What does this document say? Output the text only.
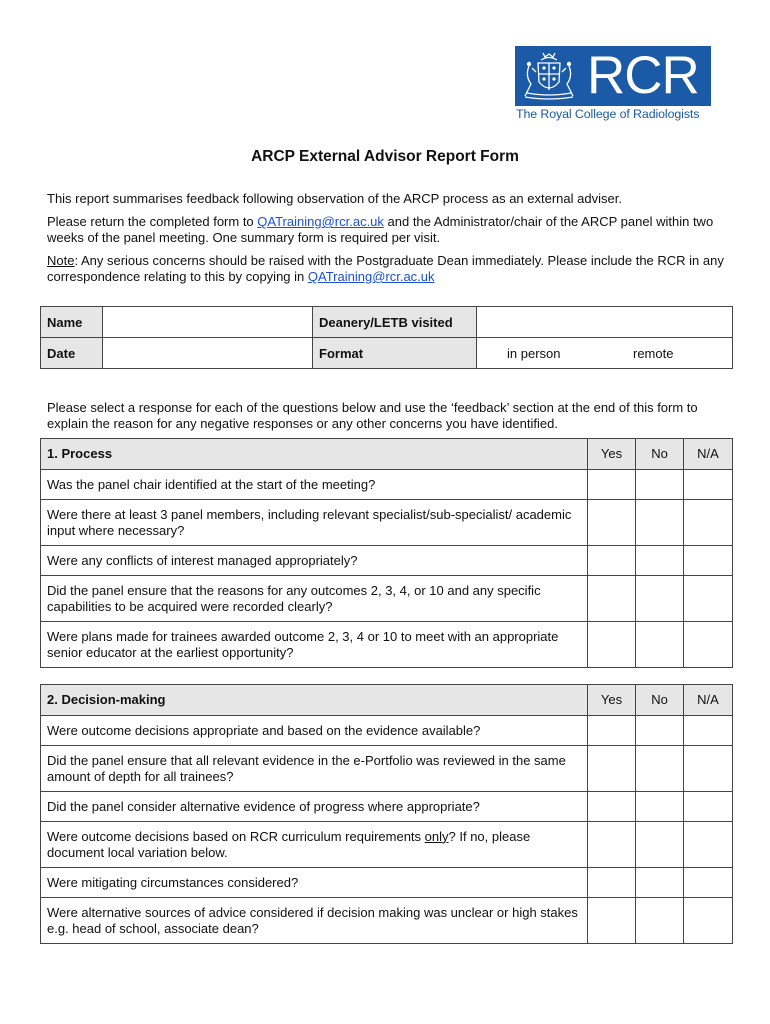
RCR
The Royal College of Radiologists
ARCP External Advisor Report Form
This report summarises feedback following observation of the ARCP process as an external adviser.
Please return the completed form to QATraining@rcr.ac.uk and the Administrator/chair of the ARCP panel within two weeks of the panel meeting. One summary form is required per visit.
Note: Any serious concerns should be raised with the Postgraduate Dean immediately. Please include the RCR in any correspondence relating to this by copying in QATraining@rcr.ac.uk
Name		Deanery/LETB visited	
Date		Format	in person remote
Please select a response for each of the questions below and use the ‘feedback’ section at the end of this form to explain the reason for any negative responses or any other concerns you have identified.
1. Process	Yes	No	N/A
Was the panel chair identified at the start of the meeting?			
Were there at least 3 panel members, including relevant specialist/sub-specialist/ academic input where necessary?			
Were any conflicts of interest managed appropriately?			
Did the panel ensure that the reasons for any outcomes 2, 3, 4, or 10 and any specific capabilities to be acquired were recorded clearly?			
Were plans made for trainees awarded outcome 2, 3, 4 or 10 to meet with an appropriate senior educator at the earliest opportunity?			
2. Decision-making	Yes	No	N/A
Were outcome decisions appropriate and based on the evidence available?			
Did the panel ensure that all relevant evidence in the e-Portfolio was reviewed in the same amount of depth for all trainees?			
Did the panel consider alternative evidence of progress where appropriate?			
Were outcome decisions based on RCR curriculum requirements only? If no, please document local variation below.			
Were mitigating circumstances considered?			
Were alternative sources of advice considered if decision making was unclear or high stakes e.g. head of school, associate dean?			
